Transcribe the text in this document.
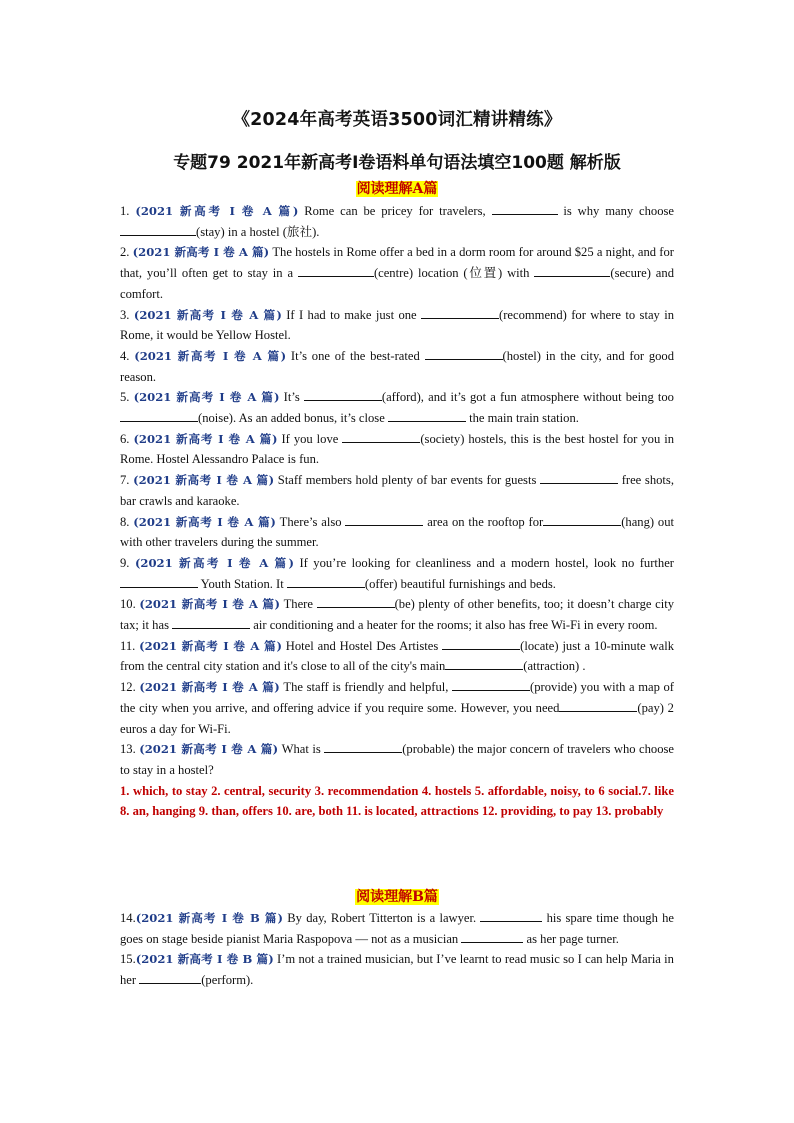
《2024年高考英语3500词汇精讲精练》
专题79 2021年新高考I卷语料单句语法填空100题 解析版
阅读理解A篇

1. (2021 新高考 I 卷 A 篇) Rome can be pricey for travelers,	is why many choose (stay) in a hostel (旅社).

2. (2021 新高考 I 卷 A 篇) The hostels in Rome offer a bed in a dorm room for around $25 a night, and for that, you’ll often get to stay in a	(centre) location (位置) with	(secure) and comfort.

3. (2021 新高考 I 卷 A 篇) If I had to make just one	(recommend) for where to stay in Rome, it would be Yellow Hostel.

4. (2021 新高考 I 卷 A 篇) It’s one of the best-rated	(hostel) in the city, and for good reason.

5. (2021 新高考 I 卷 A 篇) It’s	(afford), and it’s got a fun atmosphere without being too (noise). As an added bonus, it’s close	the main train station.

6. (2021 新高考 I 卷 A 篇) If you love	(society) hostels, this is the best hostel for you in Rome. Hostel Alessandro Palace is fun.

7. (2021 新高考 I 卷 A 篇) Staff members hold plenty of bar events for guests	free shots, bar crawls and karaoke.

8. (2021 新高考 I 卷 A 篇) There’s also	area on the rooftop for	(hang) out with other travelers during the summer.

9. (2021 新高考 I 卷 A 篇) If you’re looking for cleanliness and a modern hostel, look no further  Youth Station. It	(offer) beautiful furnishings and beds.

10. (2021 新高考 I 卷 A 篇) There	(be) plenty of other benefits, too; it doesn’t charge city tax; it has	air conditioning and a heater for the rooms; it also has free Wi-Fi in every room.

11. (2021 新高考 I 卷 A 篇) Hotel and Hostel Des Artistes	(locate) just a 10-minute walk from the central city station and it's close to all of the city's main	(attraction) .

12. (2021 新高考 I 卷 A 篇) The staff is friendly and helpful,	(provide) you with a map of the city when you arrive, and offering advice if you require some. However, you need	(pay) 2 euros a day for Wi-Fi.

13. (2021 新高考 I 卷 A 篇) What is	(probable) the major concern of travelers who choose to stay in a hostel?

1. which, to stay 2. central, security 3. recommendation 4. hostels 5. affordable, noisy, to 6 social.7. like 8. an, hanging 9. than, offers 10. are, both 11. is located, attractions 12. providing, to pay 13. probably

阅读理解B篇

14.(2021 新高考 I 卷 B 篇) By day, Robert Titterton is a lawyer.	his spare time though he goes on stage beside pianist Maria Raspopova — not as a musician	as her page turner.

15.(2021 新高考 I 卷 B 篇) I’m not a trained musician, but I’ve learnt to read music so I can help Maria in her	(perform).
